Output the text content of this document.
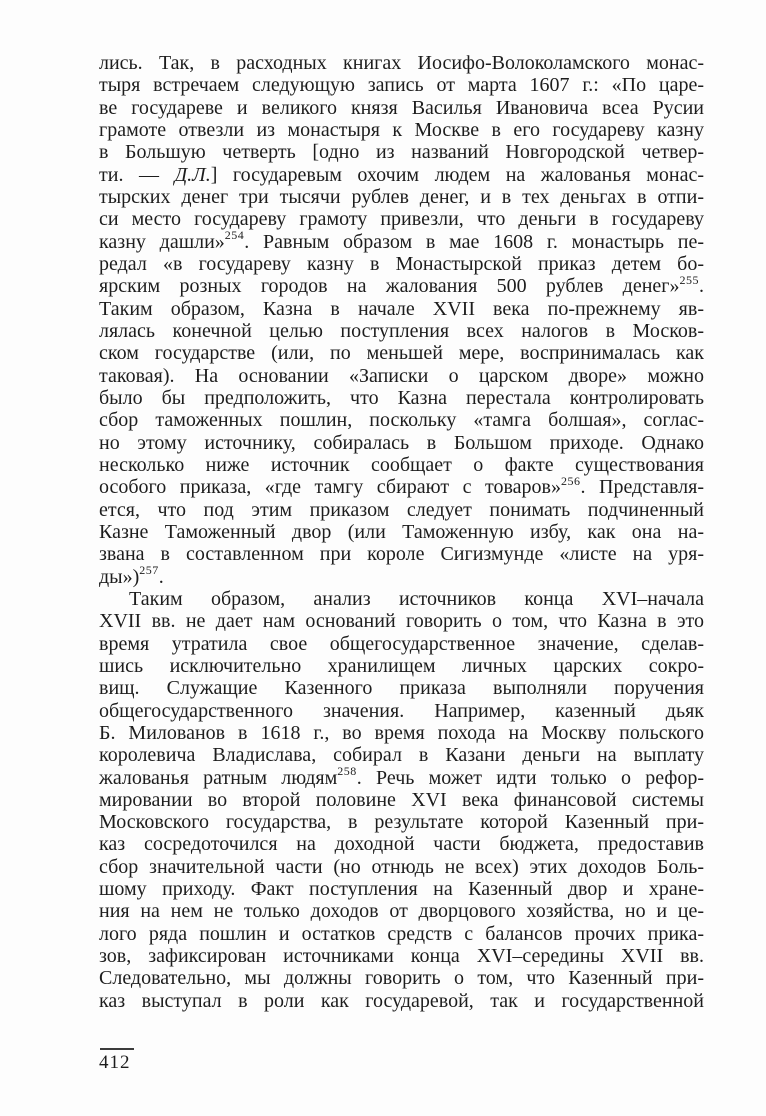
лись. Так, в расходных книгах Иосифо-Волоколамского монас-
тыря встречаем следующую запись от марта 1607 г.: «По царе-
ве государеве и великого князя Василья Ивановича всеа Русии
грамоте отвезли из монастыря к Москве в его государеву казну
в Большую четверть [одно из названий Новгородской четвер-
ти. — Д.Л.] государевым охочим людем на жалованья монас-
тырских денег три тысячи рублев денег, и в тех деньгах в отпи-
си место государеву грамоту привезли, что деньги в государеву
казну дашли»$^{254}$. Равным образом в мае 1608 г. монастырь пе-
редал «в государеву казну в Монастырской приказ детем бо-
ярским розных городов на жалования 500 рублев денег»$^{255}$.
Таким образом, Казна в начале XVII века по-прежнему яв-
лялась конечной целью поступления всех налогов в Москов-
ском государстве (или, по меньшей мере, воспринималась как
таковая). На основании «Записки о царском дворе» можно
было бы предположить, что Казна перестала контролировать
сбор таможенных пошлин, поскольку «тамга болшая», соглас-
но этому источнику, собиралась в Большом приходе. Однако
несколько ниже источник сообщает о факте существования
особого приказа, «где тамгу сбирают с товаров»$^{256}$. Представля-
ется, что под этим приказом следует понимать подчиненный
Казне Таможенный двор (или Таможенную избу, как она на-
звана в составленном при короле Сигизмунде «листе на уря-
ды»)$^{257}$.
Таким образом, анализ источников конца XVI–начала
XVII вв. не дает нам оснований говорить о том, что Казна в это
время утратила свое общегосударственное значение, сделав-
шись исключительно хранилищем личных царских сокро-
вищ. Служащие Казенного приказа выполняли поручения
общегосударственного значения. Например, казенный дьяк
Б. Милованов в 1618 г., во время похода на Москву польского
королевича Владислава, собирал в Казани деньги на выплату
жалованья ратным людям$^{258}$. Речь может идти только о рефор-
мировании во второй половине XVI века финансовой системы
Московского государства, в результате которой Казенный при-
каз сосредоточился на доходной части бюджета, предоставив
сбор значительной части (но отнюдь не всех) этих доходов Боль-
шому приходу. Факт поступления на Казенный двор и хране-
ния на нем не только доходов от дворцового хозяйства, но и це-
лого ряда пошлин и остатков средств с балансов прочих прика-
зов, зафиксирован источниками конца XVI–середины XVII вв.
Следовательно, мы должны говорить о том, что Казенный при-
каз выступал в роли как государевой, так и государственной
412
